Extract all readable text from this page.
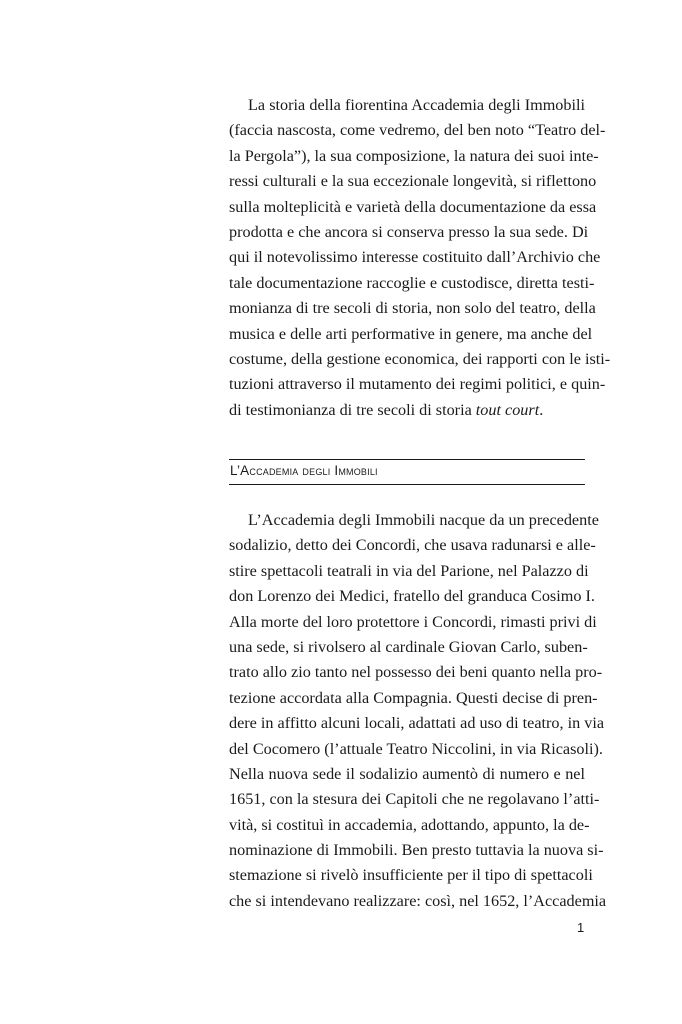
La storia della fiorentina Accademia degli Immobili
(faccia nascosta, come vedremo, del ben noto “Teatro del-
la Pergola”), la sua composizione, la natura dei suoi inte-
ressi culturali e la sua eccezionale longevità, si riflettono
sulla molteplicità e varietà della documentazione da essa
prodotta e che ancora si conserva presso la sua sede. Di
qui il notevolissimo interesse costituito dall’Archivio che
tale documentazione raccoglie e custodisce, diretta testi-
monianza di tre secoli di storia, non solo del teatro, della
musica e delle arti performative in genere, ma anche del
costume, della gestione economica, dei rapporti con le isti-
tuzioni attraverso il mutamento dei regimi politici, e quin-
di testimonianza di tre secoli di storia tout court.
L’Accademia degli Immobili
L’Accademia degli Immobili nacque da un precedente
sodalizio, detto dei Concordi, che usava radunarsi e alle-
stire spettacoli teatrali in via del Parione, nel Palazzo di
don Lorenzo dei Medici, fratello del granduca Cosimo I.
Alla morte del loro protettore i Concordi, rimasti privi di
una sede, si rivolsero al cardinale Giovan Carlo, suben-
trato allo zio tanto nel possesso dei beni quanto nella pro-
tezione accordata alla Compagnia. Questi decise di pren-
dere in affitto alcuni locali, adattati ad uso di teatro, in via
del Cocomero (l’attuale Teatro Niccolini, in via Ricasoli).
Nella nuova sede il sodalizio aumentò di numero e nel
1651, con la stesura dei Capitoli che ne regolavano l’atti-
vità, si costituì in accademia, adottando, appunto, la de-
nominazione di Immobili. Ben presto tuttavia la nuova si-
stemazione si rivelò insufficiente per il tipo di spettacoli
che si intendevano realizzare: così, nel 1652, l’Accademia
1
